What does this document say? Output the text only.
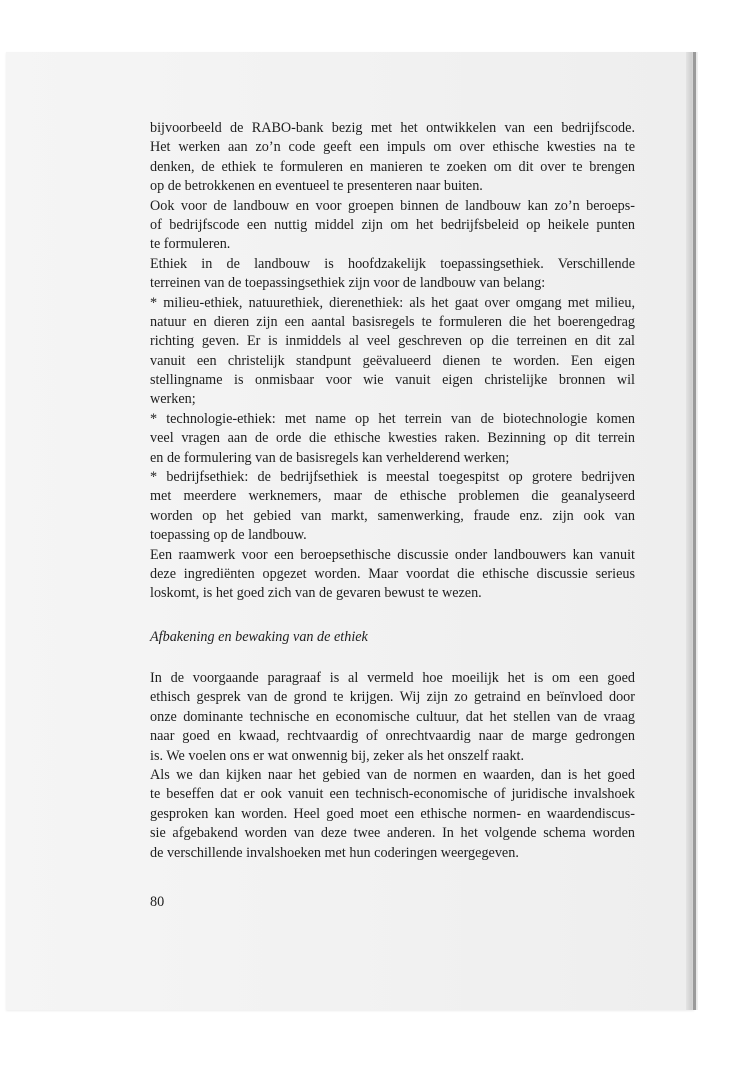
bijvoorbeeld de RABO-bank bezig met het ontwikkelen van een bedrijfscode.
Het werken aan zo’n code geeft een impuls om over ethische kwesties na te
denken, de ethiek te formuleren en manieren te zoeken om dit over te brengen
op de betrokkenen en eventueel te presenteren naar buiten.
Ook voor de landbouw en voor groepen binnen de landbouw kan zo’n beroeps-
of bedrijfscode een nuttig middel zijn om het bedrijfsbeleid op heikele punten
te formuleren.
Ethiek in de landbouw is hoofdzakelijk toepassingsethiek. Verschillende
terreinen van de toepassingsethiek zijn voor de landbouw van belang:
* milieu-ethiek, natuurethiek, dierenethiek: als het gaat over omgang met milieu,
natuur en dieren zijn een aantal basisregels te formuleren die het boerengedrag
richting geven. Er is inmiddels al veel geschreven op die terreinen en dit zal
vanuit een christelijk standpunt geëvalueerd dienen te worden. Een eigen
stellingname is onmisbaar voor wie vanuit eigen christelijke bronnen wil
werken;
* technologie-ethiek: met name op het terrein van de biotechnologie komen
veel vragen aan de orde die ethische kwesties raken. Bezinning op dit terrein
en de formulering van de basisregels kan verhelderend werken;
* bedrijfsethiek: de bedrijfsethiek is meestal toegespitst op grotere bedrijven
met meerdere werknemers, maar de ethische problemen die geanalyseerd
worden op het gebied van markt, samenwerking, fraude enz. zijn ook van
toepassing op de landbouw.
Een raamwerk voor een beroepsethische discussie onder landbouwers kan vanuit
deze ingrediënten opgezet worden. Maar voordat die ethische discussie serieus
loskomt, is het goed zich van de gevaren bewust te wezen.
Afbakening en bewaking van de ethiek
In de voorgaande paragraaf is al vermeld hoe moeilijk het is om een goed
ethisch gesprek van de grond te krijgen. Wij zijn zo getraind en beïnvloed door
onze dominante technische en economische cultuur, dat het stellen van de vraag
naar goed en kwaad, rechtvaardig of onrechtvaardig naar de marge gedrongen
is. We voelen ons er wat onwennig bij, zeker als het onszelf raakt.
Als we dan kijken naar het gebied van de normen en waarden, dan is het goed
te beseffen dat er ook vanuit een technisch-economische of juridische invalshoek
gesproken kan worden. Heel goed moet een ethische normen- en waardendiscus-
sie afgebakend worden van deze twee anderen. In het volgende schema worden
de verschillende invalshoeken met hun coderingen weergegeven.
80
